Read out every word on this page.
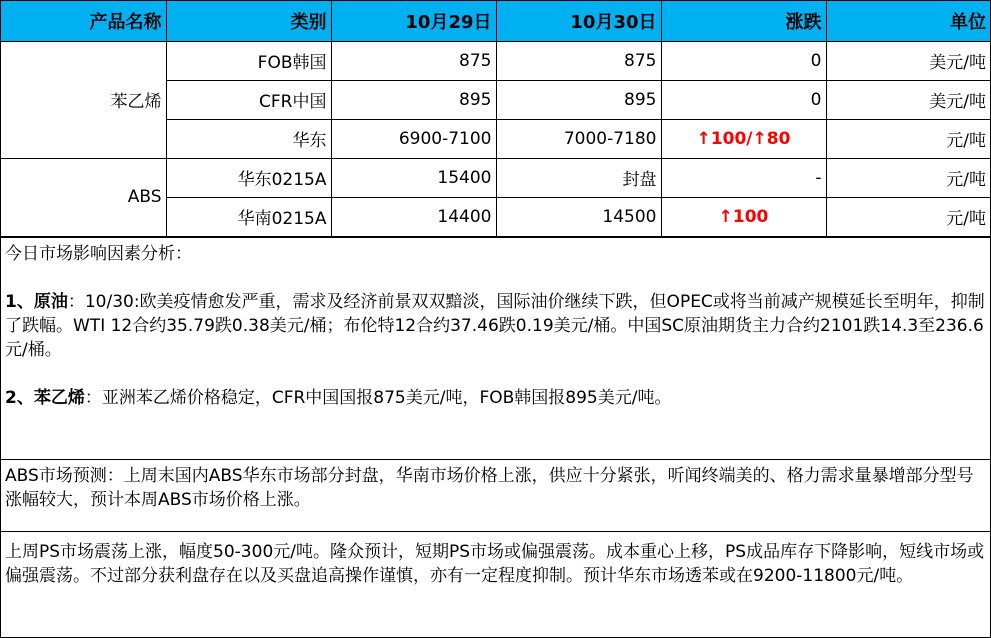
产品名称	类别	10月29日	10月30日	涨跌	单位
苯乙烯	FOB韩国	875	875	0	美元/吨
	CFR中国	895	895	0	美元/吨
	华东	6900-7100	7000-7180	↑100/↑80	元/吨
ABS	华东0215A	15400	封盘	-	元/吨
	华南0215A	14400	14500	↑100	元/吨

今日市场影响因素分析：

1、原油：10/30:欧美疫情愈发严重，需求及经济前景双双黯淡，国际油价继续下跌，但OPEC或将当前减产规模延长至明年，抑制了跌幅。WTI 12合约35.79跌0.38美元/桶；布伦特12合约37.46跌0.19美元/桶。中国SC原油期货主力合约2101跌14.3至236.6元/桶。

2、苯乙烯：亚洲苯乙烯价格稳定，CFR中国国报875美元/吨，FOB韩国报895美元/吨。

ABS市场预测：上周末国内ABS华东市场部分封盘，华南市场价格上涨，供应十分紧张，听闻终端美的、格力需求量暴增部分型号涨幅较大，预计本周ABS市场价格上涨。

上周PS市场震荡上涨，幅度50-300元/吨。隆众预计，短期PS市场或偏强震荡。成本重心上移，PS成品库存下降影响，短线市场或偏强震荡。不过部分获利盘存在以及买盘追高操作谨慎，亦有一定程度抑制。预计华东市场透苯或在9200-11800元/吨。
